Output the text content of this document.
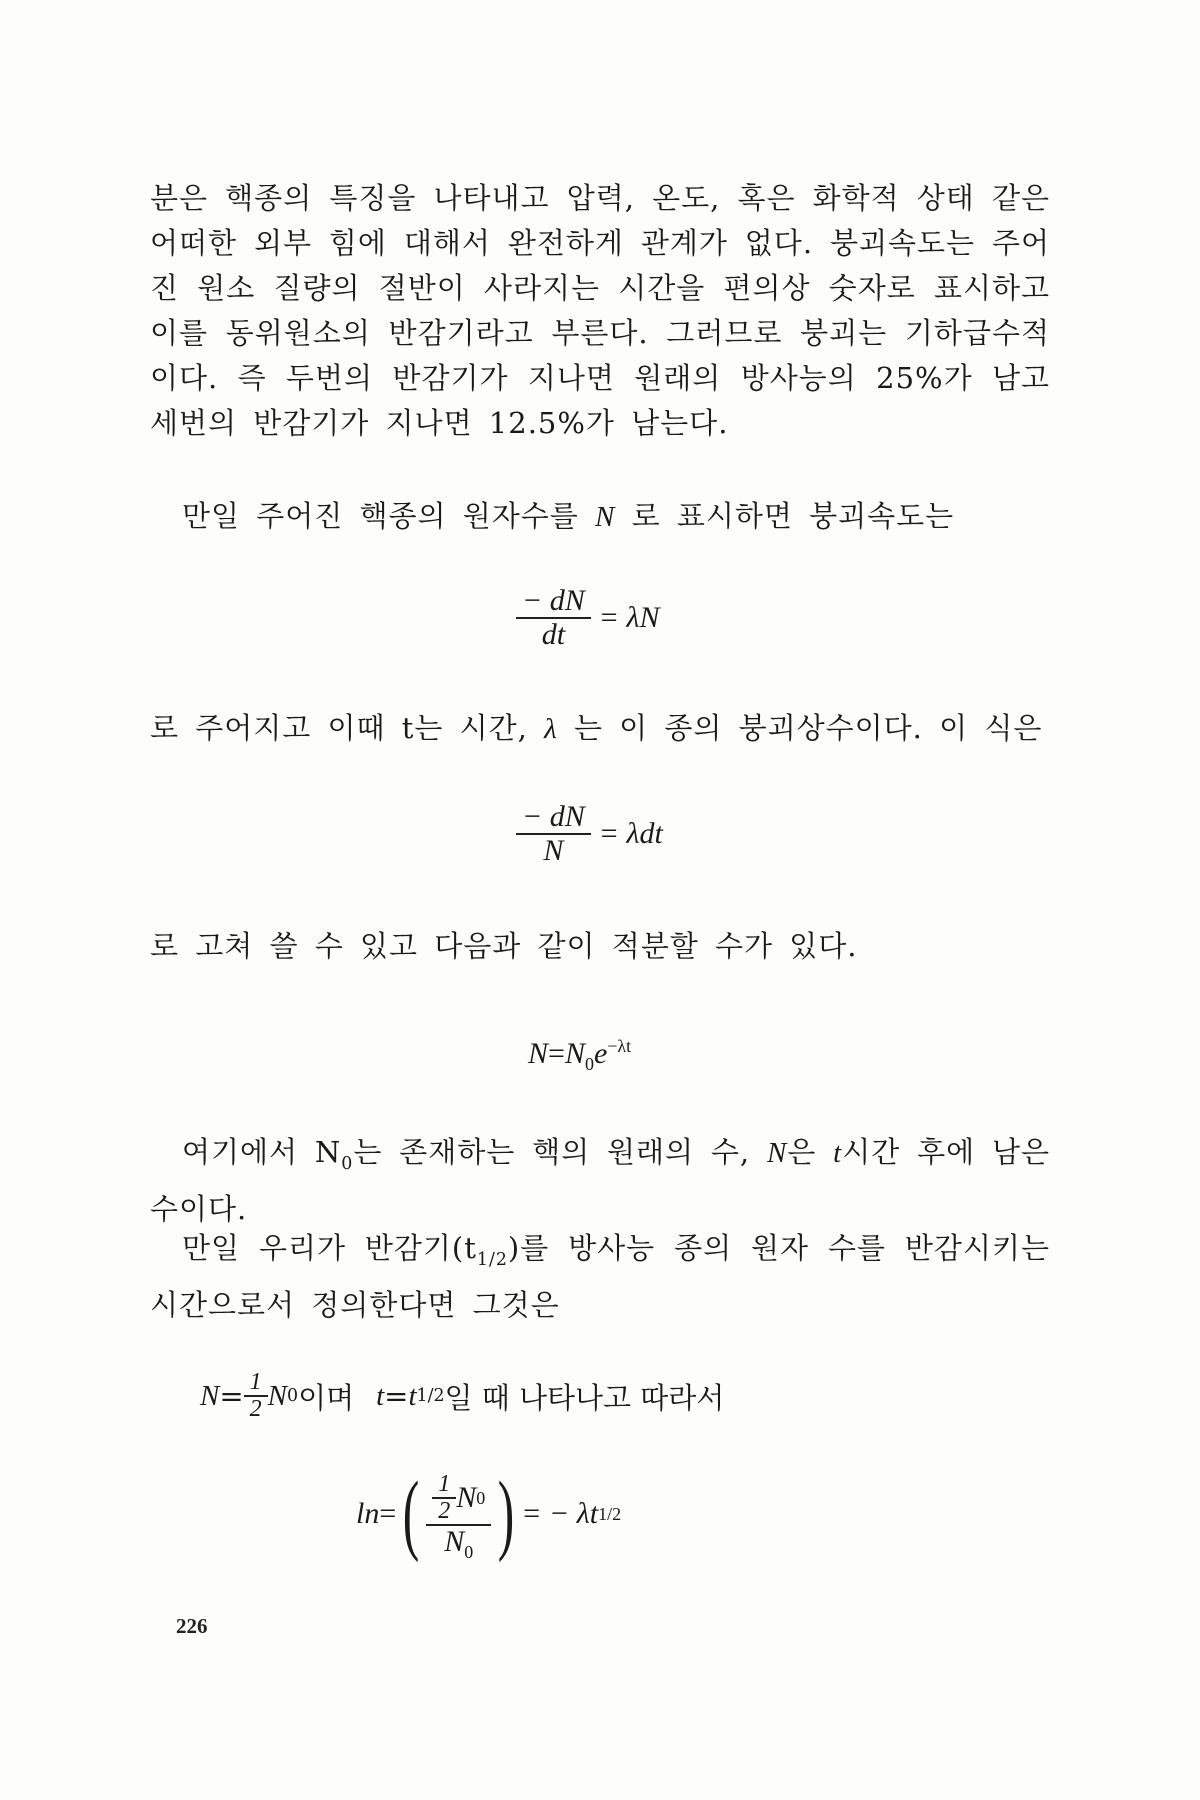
분은 핵종의 특징을 나타내고 압력, 온도, 혹은 화학적 상태 같은 어떠한 외부 힘에 대해서 완전하게 관계가 없다. 붕괴속도는 주어진 원소 질량의 절반이 사라지는 시간을 편의상 숫자로 표시하고 이를 동위원소의 반감기라고 부른다. 그러므로 붕괴는 기하급수적이다. 즉 두번의 반감기가 지나면 원래의 방사능의 25%가 남고 세번의 반감기가 지나면 12.5%가 남는다.

만일 주어진 핵종의 원자수를 N 로 표시하면 붕괴속도는
$\frac{- dN}{dt} = \lambda N$
로 주어지고 이때 t는 시간, λ 는 이 종의 붕괴상수이다. 이 식은
$\frac{- dN}{N} = \lambda dt$
로 고쳐 쓸 수 있고 다음과 같이 적분할 수가 있다.
$N=N_0e^{-\lambda t}$
여기에서 $N_0$는 존재하는 핵의 원래의 수, N은 t시간 후에 남은 수이다.
만일 우리가 반감기$(t_{1/2})$를 방사능 종의 원자 수를 반감시키는 시간으로서 정의한다면 그것은
$N = \frac{1}{2}$ N 0 이며 t = t 1/2 일 때 나타나고 따라서
ln = ( $\frac{\frac{1}{2} N 0}{N_0}$ ) = − λt 1/2
226
